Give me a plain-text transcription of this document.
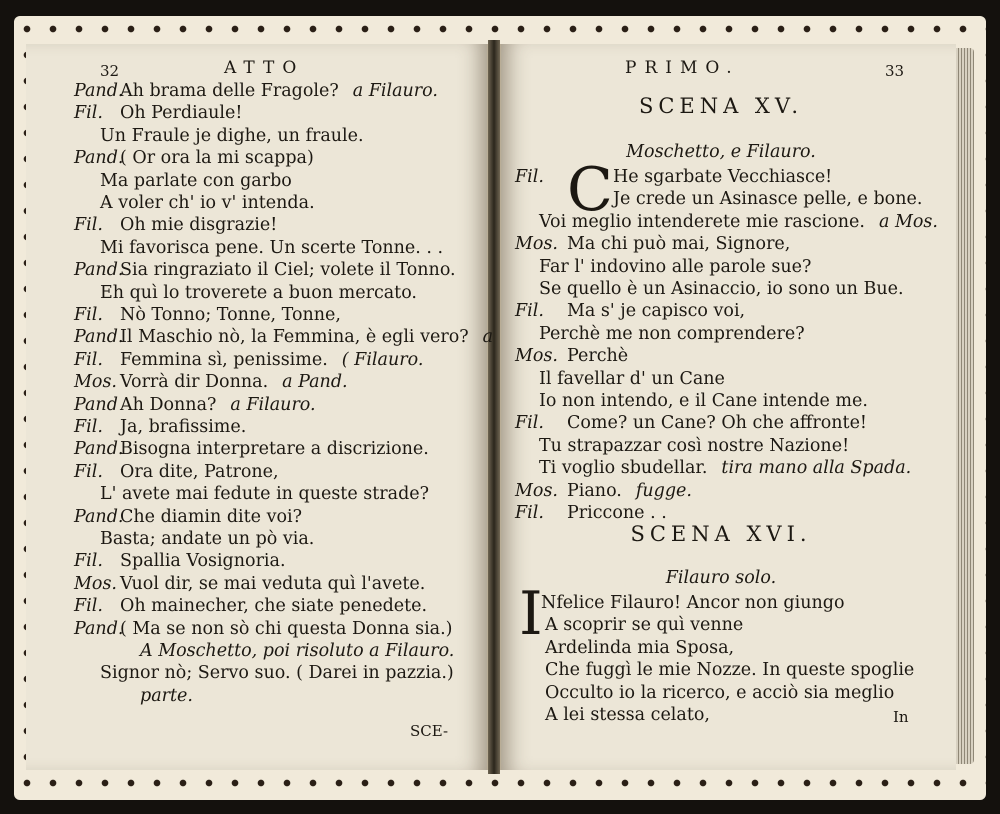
32	ATTO
Pand.Ah brama delle Fragole? a Filauro.
Fil. Oh Perdiaule!
Un Fraule je dighe, un fraule.
Pand.( Or ora la mi scappa)
Ma parlate con garbo
A voler ch' io v' intenda.
Fil. Oh mie disgrazie!
Mi favorisca pene. Un scerte Tonne. . .
Pand.Sia ringraziato il Ciel; volete il Tonno.
Eh quì lo troverete a buon mercato.
Fil. Nò Tonno; Tonne, Tonne,
Pand.Il Maschio nò, la Femmina, è egli vero? a
Fil. Femmina sì, penissime. ( Filauro.
Mos. Vorrà dir Donna. a Pand.
Pand Ah Donna? a Filauro.
Fil. Ja, brafissime.
Pand.Bisogna interpretare a discrizione.
Fil. Ora dite, Patrone,
L' avete mai fedute in queste strade?
Pand.Che diamin dite voi?
Basta; andate un pò via.
Fil. Spallia Vosignoria.
Mos. Vuol dir, se mai veduta quì l'avete.
Fil. Oh mainecher, che siate penedete.
Pand.( Ma se non sò chi questa Donna sia.)
A Moschetto, poi risoluto a Filauro.
Signor nò; Servo suo. ( Darei in pazzia.)
parte.
SCE-
PRIMO.	33
SCENA XV.
Moschetto, e Filauro.
C
Fil.	He sgarbate Vecchiasce!
Je crede un Asinasce pelle, e bone.
Voi meglio intenderete mie rascione. a Mos.
Mos. Ma chi può mai, Signore,
Far l' indovino alle parole sue?
Se quello è un Asinaccio, io sono un Bue.
Fil. Ma s' je capisco voi,
Perchè me non comprendere?
Mos. Perchè
Il favellar d' un Cane
Io non intendo, e il Cane intende me.
Fil. Come? un Cane? Oh che affronte!
Tu strapazzar così nostre Nazione!
Ti voglio sbudellar. tira mano alla Spada.
Mos. Piano. fugge.
Fil. Priccone . .
SCENA XVI.
Filauro solo.
I
Nfelice Filauro! Ancor non giungo
A scoprir se quì venne
Ardelinda mia Sposa,
Che fuggì le mie Nozze. In queste spoglie
Occulto io la ricerco, e acciò sia meglio
A lei stessa celato,	In
